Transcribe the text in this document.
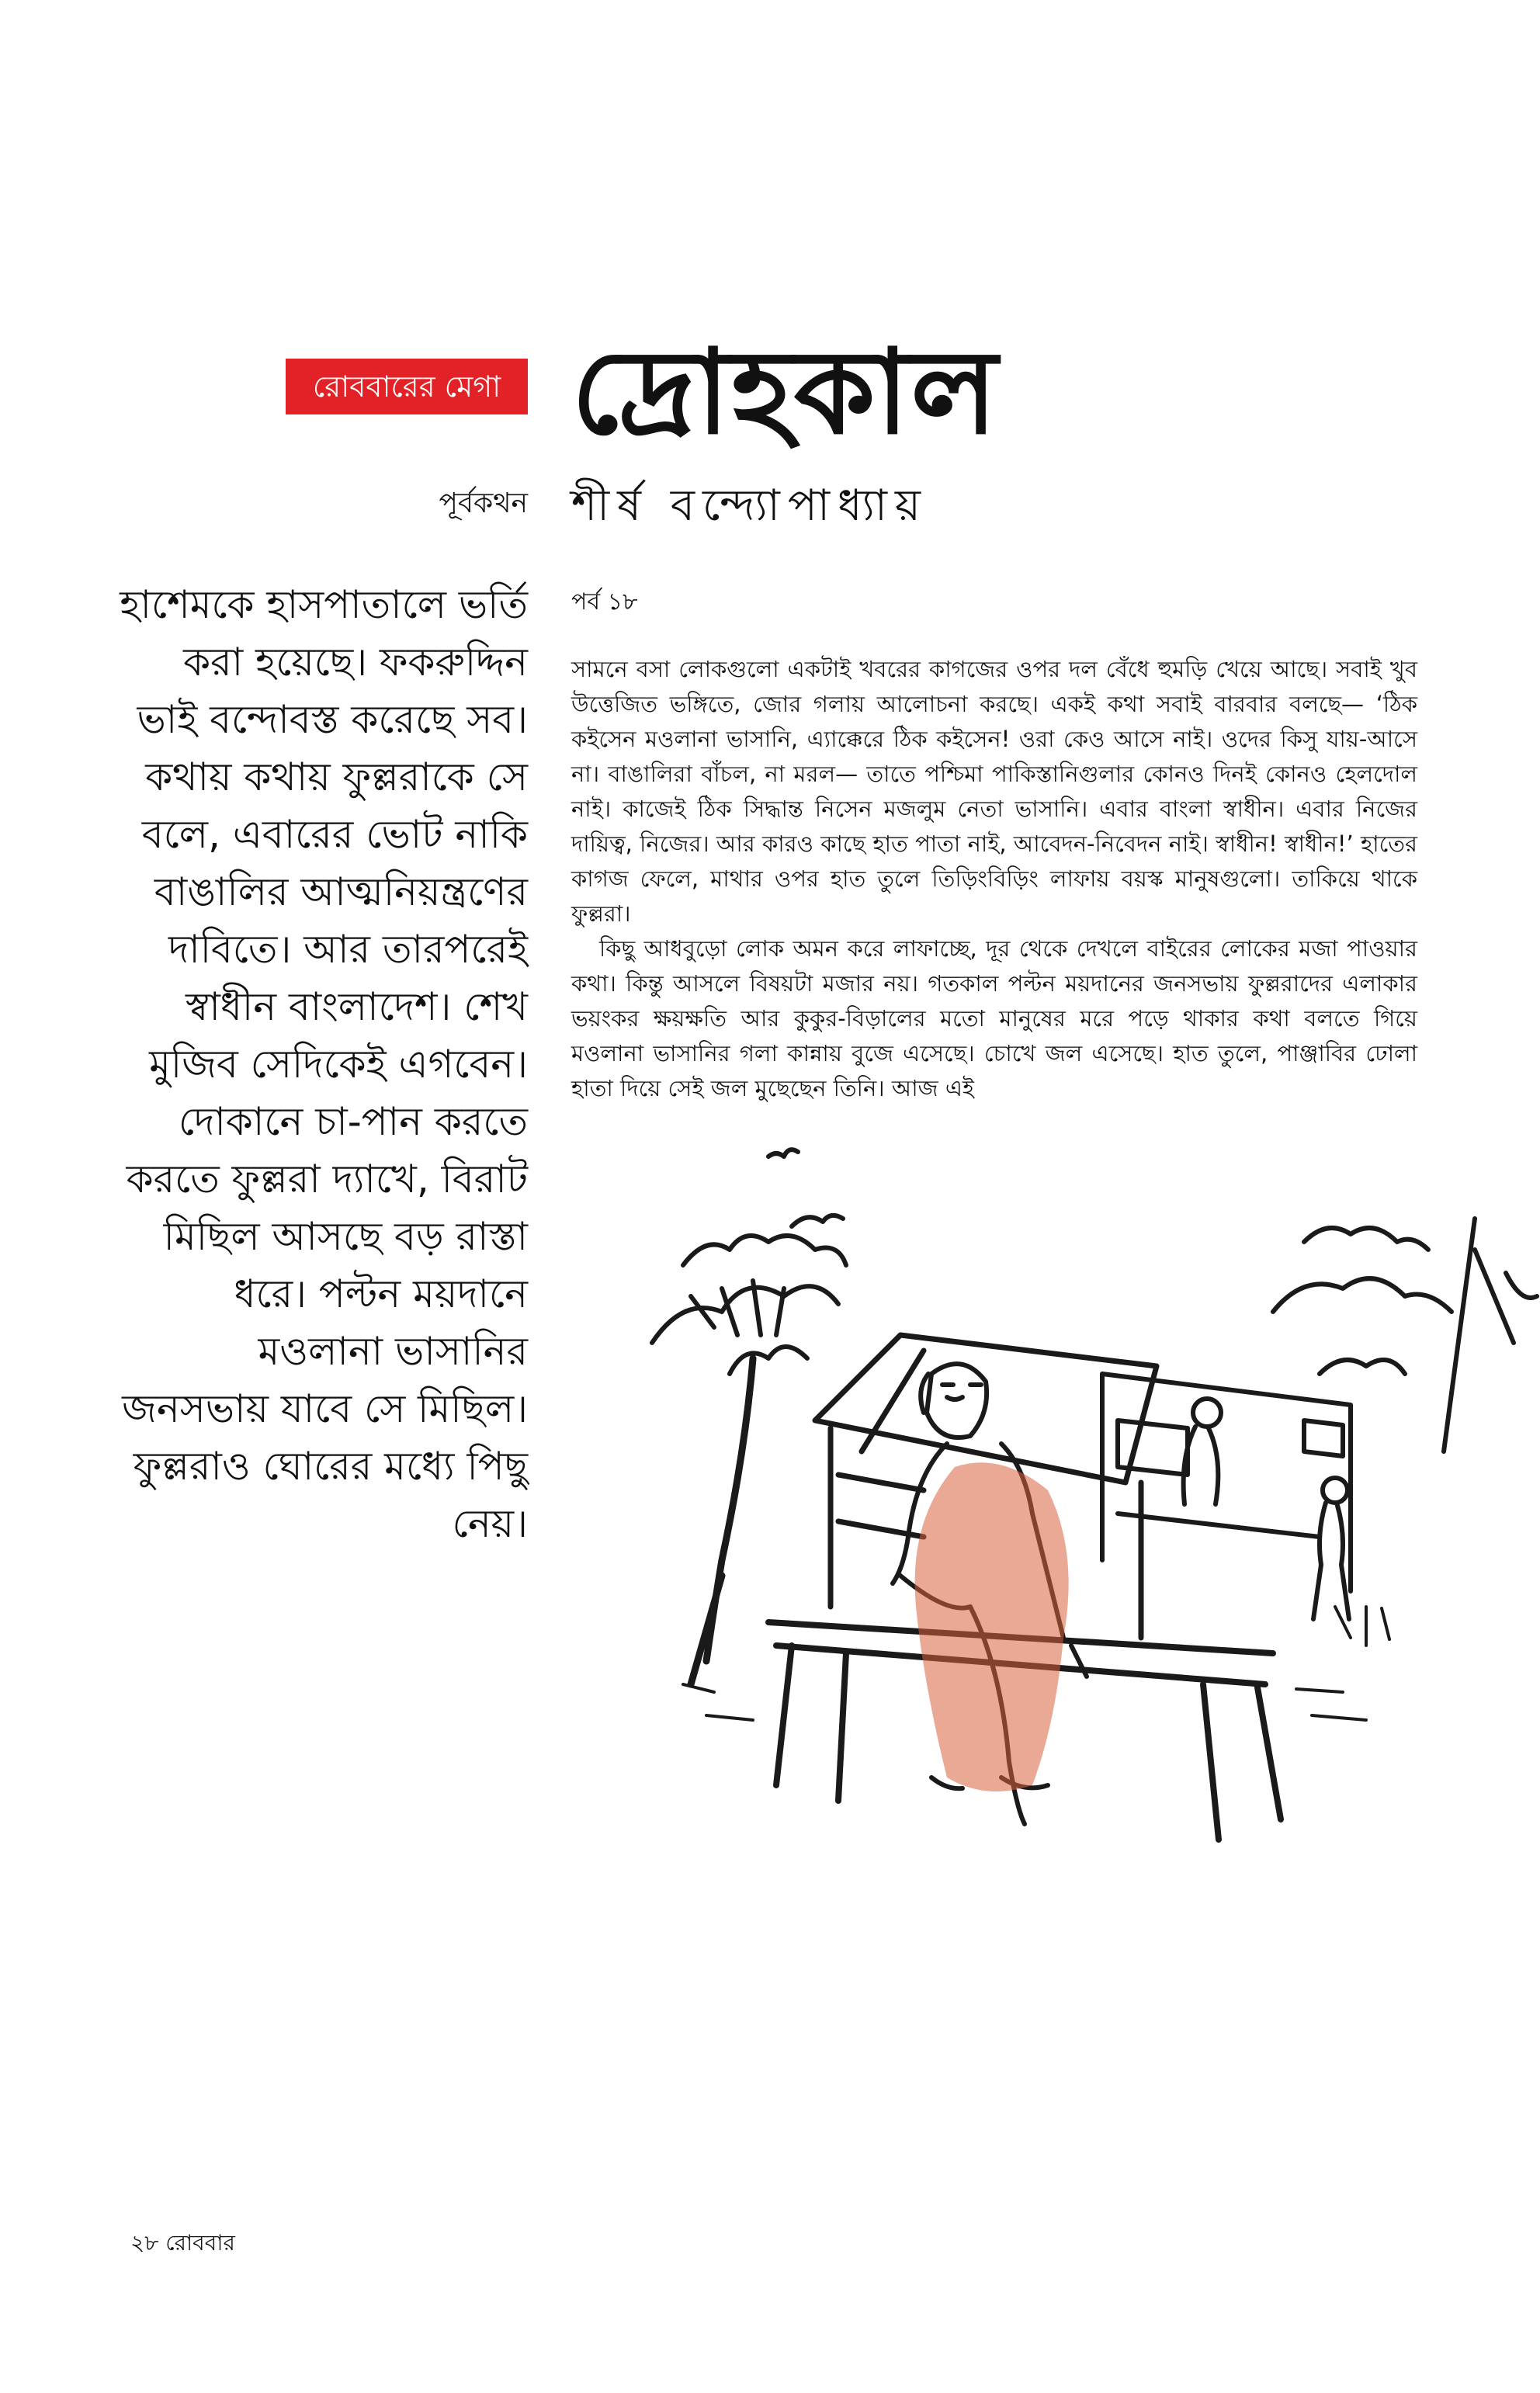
রোববারের মেগা দ্রোহকাল
পূর্বকথন শীর্ষ বন্দ্যোপাধ্যায়
হাশেমকে হাসপাতালে ভর্তি করা হয়েছে। ফকরুদ্দিন ভাই বন্দোবস্ত করেছে সব। কথায় কথায় ফুল্লরাকে সে বলে, এবারের ভোট নাকি বাঙালির আত্মনিয়ন্ত্রণের দাবিতে। আর তারপরেই স্বাধীন বাংলাদেশ। শেখ মুজিব সেদিকেই এগবেন। দোকানে চা-পান করতে করতে ফুল্লরা দ্যাখে, বিরাট মিছিল আসছে বড় রাস্তা ধরে। পল্টন ময়দানে মওলানা ভাসানির জনসভায় যাবে সে মিছিল। ফুল্লরাও ঘোরের মধ্যে পিছু নেয়।
পর্ব ১৮

সামনে বসা লোকগুলো একটাই খবরের কাগজের ওপর দল বেঁধে হুমড়ি খেয়ে আছে। সবাই খুব উত্তেজিত ভঙ্গিতে, জোর গলায় আলোচনা করছে। একই কথা সবাই বারবার বলছে— ‘ঠিক কইসেন মওলানা ভাসানি, এ্যাক্কেরে ঠিক কইসেন! ওরা কেও আসে নাই। ওদের কিসু যায়-আসে না। বাঙালিরা বাঁচল, না মরল— তাতে পশ্চিমা পাকিস্তানিগুলার কোনও দিনই কোনও হেলদোল নাই। কাজেই ঠিক সিদ্ধান্ত নিসেন মজলুম নেতা ভাসানি। এবার বাংলা স্বাধীন। এবার নিজের দায়িত্ব, নিজের। আর কারও কাছে হাত পাতা নাই, আবেদন-নিবেদন নাই। স্বাধীন! স্বাধীন!’ হাতের কাগজ ফেলে, মাথার ওপর হাত তুলে তিড়িংবিড়িং লাফায় বয়স্ক মানুষগুলো। তাকিয়ে থাকে ফুল্লরা।

কিছু আধবুড়ো লোক অমন করে লাফাচ্ছে, দূর থেকে দেখলে বাইরের লোকের মজা পাওয়ার কথা। কিন্তু আসলে বিষয়টা মজার নয়। গতকাল পল্টন ময়দানের জনসভায় ফুল্লরাদের এলাকার ভয়ংকর ক্ষয়ক্ষতি আর কুকুর-বিড়ালের মতো মানুষের মরে পড়ে থাকার কথা বলতে গিয়ে মওলানা ভাসানির গলা কান্নায় বুজে এসেছে। চোখে জল এসেছে। হাত তুলে, পাঞ্জাবির ঢোলা হাতা দিয়ে সেই জল মুছেছেন তিনি। আজ এই

২৮ রোববার
